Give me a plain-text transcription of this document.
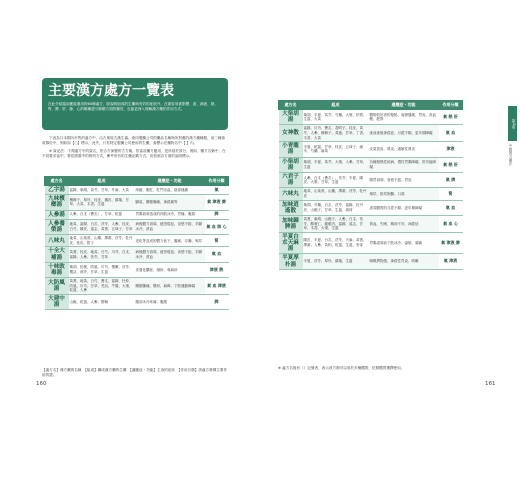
主要漢方處方一覽表
在此介紹臨床應能運用的60種處方，除說明組成的生藥與有效的症狀外，在最容易被影響、虛、津液、熱、腎、脾、肝、肺、心的哪種證分類哪方面的藥效，也能更深入理解漢方藥的作用方式。

下表為日本國內市售的處方中，由古與原古漢生審、會同製藥公司的藥品名稱與所對應的漢方藥種類，前三種會收錄於中，例如如【○】標示，此外，只有特定製藥公司使用的生藥，會標示在藥物名中【 】內。

※ 資記法：下劑處方中的資名，依合方演變的古方稱，依當前藥方應用，是所基於該分，例如，藥方名稱中，在不同要求當中，要依照書中的排列方式，參考所有的生藥記載方式，但依照各方面的說明標示。

處方名	組成	適應症・功能	作用分類
乙字湯	當歸、柴胡、黃芩、甘草、升麻、大黃	痔瘡、脫肛、肛門出血、陰部搔癢	氣
九味檳榔湯	檳榔子、厚朴、桂皮、橘皮、蘇葉、甘草、大黃、木香、生薑	腳氣、關節腫痛、神經痛等	氣 津液 脾
人參湯	人參、白朮（蒼朮）、甘草、乾薑	胃腸衰弱造成的四肢冰冷、胃痛、腹瀉	脾
人參養榮湯	地黃、當歸、白朮、茯苓、人參、桂皮、白芍、陳皮、遠志、黃耆、五味子、甘草	病後體力衰弱、疲勞倦怠、食慾不振、手腳冰冷、貧血	氣 血 肺 心
八味丸	地黃、山茱萸、山藥、澤瀉、茯苓、牡丹皮、桂皮、附子	老化等造成的體力低下、腰痛、浮腫、頻尿	腎
十全大補湯	黃耆、桂皮、地黃、白芍、川芎、白朮、當歸、人參、茯苓、甘草	病後體力衰弱、疲勞倦怠、食慾不振、手腳冰冷、貧血	氣 血
十味敗毒湯	柴胡、桔梗、防風、川芎、樸樕、茯苓、獨活、荊芥、甘草、生薑	皮膚化膿症、濕疹、蕁麻疹	津液 熱
大防風湯	黃耆、地黃、白芍、蒼朮、當歸、杜仲、防風、川芎、甘草、羌活、牛膝、大棗、乾薑、人參	關節腫痛、變形、麻痺、下肢運動障礙	氣 血 津液
大建中湯	山椒、乾薑、人參、膠飴	腹部冰冷疼痛、腹脹	脾
【處方名】漢方藥的名稱　【組成】構成漢方藥的生藥　【適應症・功能】主治的症狀　【作用分類】該處方發揮主要作用的證。
160
處方名	組成	適應症・功能	作用分類
大柴胡湯	柴胡、半夏、黃芩、芍藥、大棗、枳實、生薑、大黃	體格較好者的便秘、肩膀僵硬、胃炎、高血壓、肥胖	氣 熱 肝
女神散	當歸、川芎、蒼朮、香附子、桂皮、黃芩、人參、檳榔子、黃連、甘草、丁香、木香、大黃	產前產後神經症、月經不順、更年期障礙	氣 血
小青龍湯	半夏、乾薑、甘草、桂皮、五味子、細辛、芍藥、麻黃	支氣管炎、鼻炎、過敏性鼻炎	津液
小柴胡湯	柴胡、半夏、黃芩、大棗、人參、甘草、生薑	各種發熱性疾病、慢性胃腸障礙、肝功能障礙	氣 熱 肝
六君子湯	人參、白朮（蒼朮）、茯苓、半夏、陳皮、大棗、甘草、生薑	腸胃衰弱、食慾不振、胃炎	氣 脾
六味丸	地黃、山茱萸、山藥、澤瀉、茯苓、牡丹皮	頻尿、排尿困難、口渴	腎
加味逍遙散	柴胡、芍藥、白朮、茯苓、當歸、牡丹皮、山梔子、甘草、生薑、薄荷	虛弱體質的月經不順、更年期障礙	氣 血
加味歸脾湯	黃耆、柴胡、山梔子、人參、白朮、茯苓、酸棗仁、龍眼肉、當歸、遠志、甘草、木香、大棗、生薑	貧血、失眠、精神不安、神經症	氣 血 心
半夏白朮天麻湯	陳皮、半夏、白朮、茯苓、天麻、黃耆、澤瀉、人參、黃柏、乾薑、生薑、麥芽	胃腸虛弱而下肢冰冷、暈眩、頭痛	氣 津液 脾
半夏厚朴湯	半夏、茯苓、厚朴、蘇葉、生薑	咽喉異物感、神經性胃炎、咳嗽	氣 津液
※ 處方名後有（）記號者，表示該方劑可以用於多種體質，依照體質選擇使用。
第3章
中醫的方藥法
161
